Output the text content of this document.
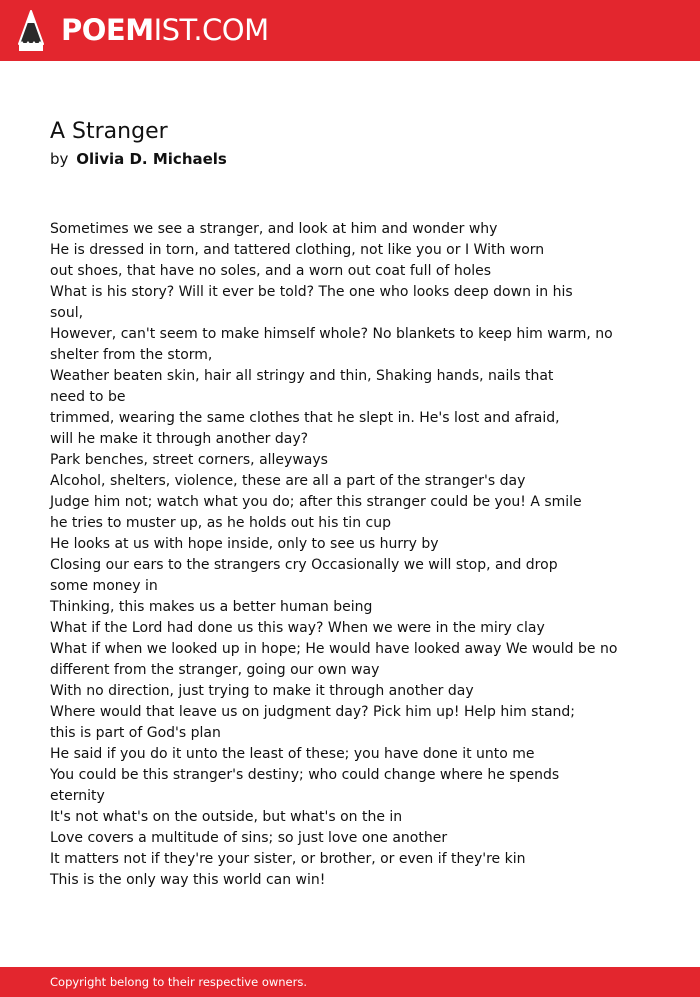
POEMIST.COM
A Stranger
by Olivia D. Michaels
Sometimes we see a stranger, and look at him and wonder why
He is dressed in torn, and tattered clothing, not like you or I With worn
out shoes, that have no soles, and a worn out coat full of holes
What is his story? Will it ever be told? The one who looks deep down in his
soul,
However, can't seem to make himself whole? No blankets to keep him warm, no
shelter from the storm,
Weather beaten skin, hair all stringy and thin, Shaking hands, nails that
need to be
trimmed, wearing the same clothes that he slept in. He's lost and afraid,
will he make it through another day?
Park benches, street corners, alleyways
Alcohol, shelters, violence, these are all a part of the stranger's day
Judge him not; watch what you do; after this stranger could be you! A smile
he tries to muster up, as he holds out his tin cup
He looks at us with hope inside, only to see us hurry by
Closing our ears to the strangers cry Occasionally we will stop, and drop
some money in
Thinking, this makes us a better human being
What if the Lord had done us this way? When we were in the miry clay
What if when we looked up in hope; He would have looked away We would be no
different from the stranger, going our own way
With no direction, just trying to make it through another day
Where would that leave us on judgment day? Pick him up! Help him stand;
this is part of God's plan
He said if you do it unto the least of these; you have done it unto me
You could be this stranger's destiny; who could change where he spends
eternity
It's not what's on the outside, but what's on the in
Love covers a multitude of sins; so just love one another
It matters not if they're your sister, or brother, or even if they're kin
This is the only way this world can win!
Copyright belong to their respective owners.
